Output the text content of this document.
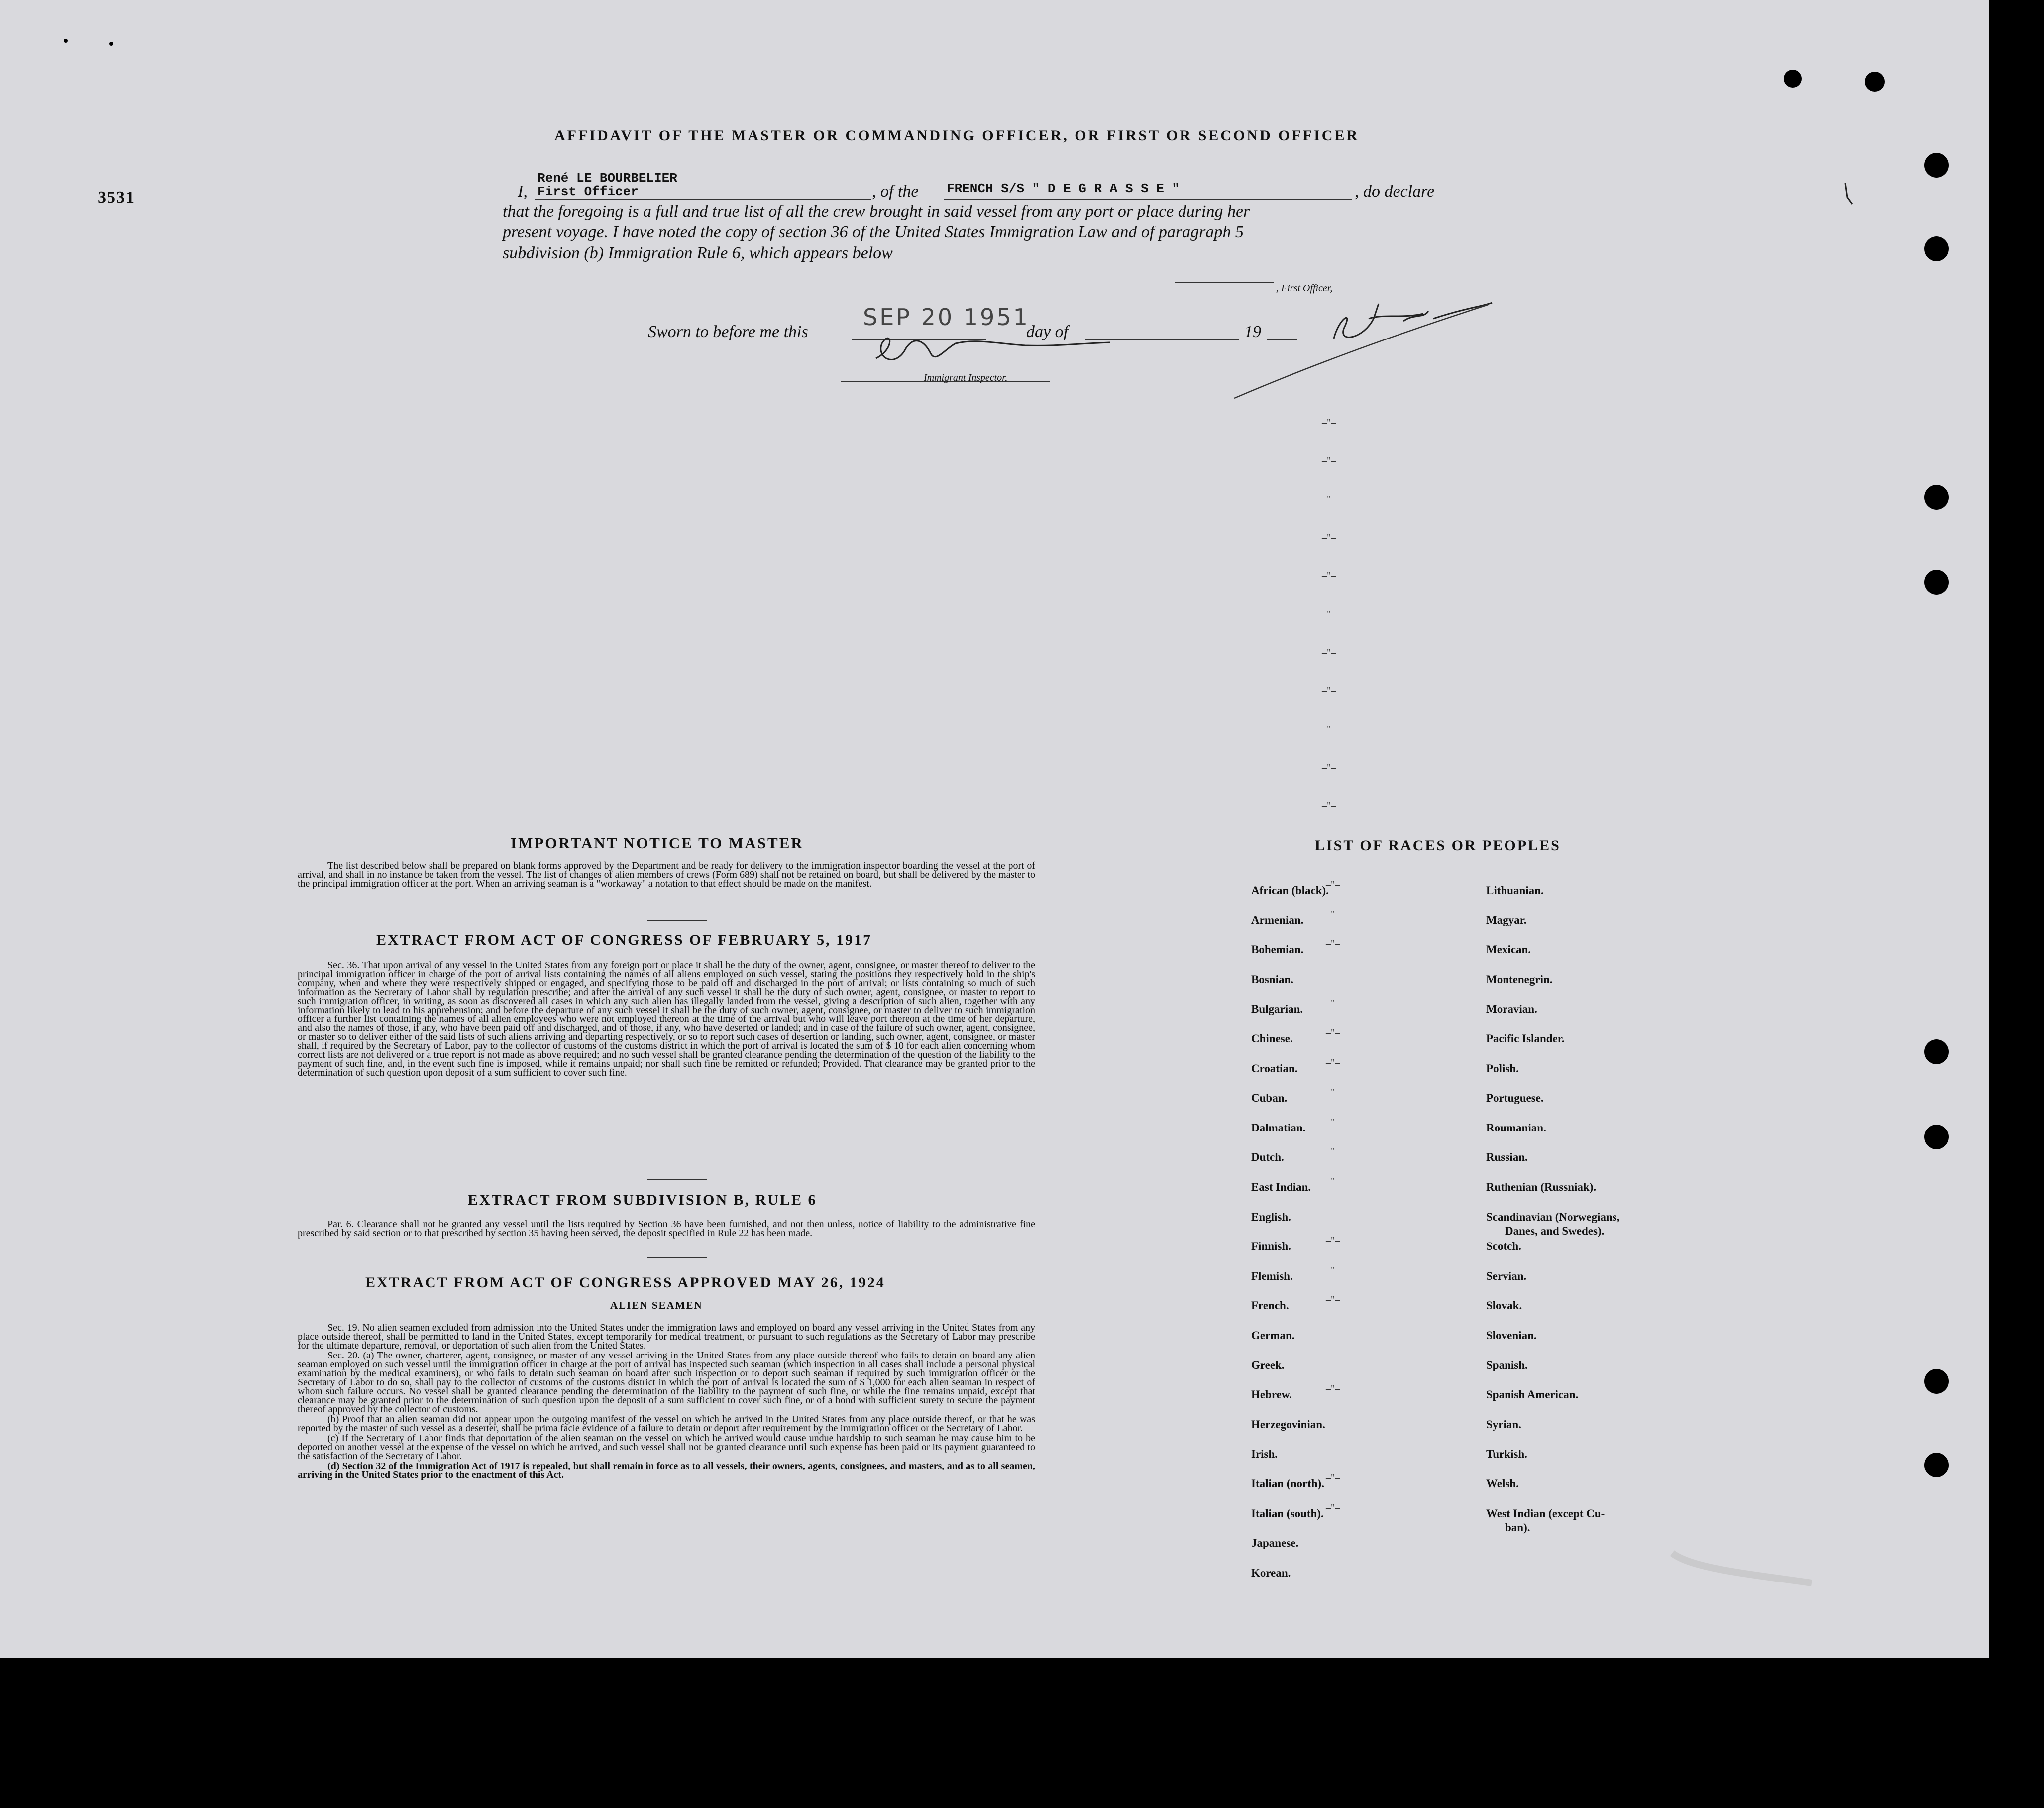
3531
AFFIDAVIT OF THE MASTER OR COMMANDING OFFICER, OR FIRST OR SECOND OFFICER
René LE BOURBELIER
I, First Officer	, of the FRENCH S/S " D E G R A S S E "	, do declare
that the foregoing is a full and true list of all the crew brought in said vessel from any port or place during her
present voyage. I have noted the copy of section 36 of the United States Immigration Law and of paragraph 5
subdivision (b) Immigration Rule 6, which appears below
, First Officer,
Sworn to before me this
SEP 20 1951
day of	19
Immigrant Inspector,
–"–
–"–
–"–
–"–
–"–
–"–
–"–
–"–
–"–
–"–
–"–
IMPORTANT NOTICE TO MASTER

The list described below shall be prepared on blank forms approved by the Department and be ready for delivery to the immigration inspector boarding the vessel at the port of arrival, and shall in no instance be taken from the vessel. The list of changes of alien members of crews (Form 689) shall not be retained on board, but shall be delivered by the master to the principal immigration officer at the port. When an arriving seaman is a "workaway" a notation to that effect should be made on the manifest.

EXTRACT FROM ACT OF CONGRESS OF FEBRUARY 5, 1917

Sec. 36. That upon arrival of any vessel in the United States from any foreign port or place it shall be the duty of the owner, agent, consignee, or master thereof to deliver to the principal immigration officer in charge of the port of arrival lists containing the names of all aliens employed on such vessel, stating the positions they respectively hold in the ship's company, when and where they were respectively shipped or engaged, and specifying those to be paid off and discharged in the port of arrival; or lists containing so much of such information as the Secretary of Labor shall by regulation prescribe; and after the arrival of any such vessel it shall be the duty of such owner, agent, consignee, or master to report to such immigration officer, in writing, as soon as discovered all cases in which any such alien has illegally landed from the vessel, giving a description of such alien, together with any information likely to lead to his apprehension; and before the departure of any such vessel it shall be the duty of such owner, agent, consignee, or master to deliver to such immigration officer a further list containing the names of all alien employees who were not employed thereon at the time of the arrival but who will leave port thereon at the time of her departure, and also the names of those, if any, who have been paid off and discharged, and of those, if any, who have deserted or landed; and in case of the failure of such owner, agent, consignee, or master so to deliver either of the said lists of such aliens arriving and departing respectively, or so to report such cases of desertion or landing, such owner, agent, consignee, or master shall, if required by the Secretary of Labor, pay to the collector of customs of the customs district in which the port of arrival is located the sum of $ 10 for each alien concerning whom correct lists are not delivered or a true report is not made as above required; and no such vessel shall be granted clearance pending the determination of the question of the liability to the payment of such fine, and, in the event such fine is imposed, while it remains unpaid; nor shall such fine be remitted or refunded; Provided. That clearance may be granted prior to the determination of such question upon deposit of a sum sufficient to cover such fine.

EXTRACT FROM SUBDIVISION B, RULE 6

Par. 6. Clearance shall not be granted any vessel until the lists required by Section 36 have been furnished, and not then unless, notice of liability to the administrative fine prescribed by said section or to that prescribed by section 35 having been served, the deposit specified in Rule 22 has been made.

EXTRACT FROM ACT OF CONGRESS APPROVED MAY 26, 1924
ALIEN SEAMEN

Sec. 19. No alien seamen excluded from admission into the United States under the immigration laws and employed on board any vessel arriving in the United States from any place outside thereof, shall be permitted to land in the United States, except temporarily for medical treatment, or pursuant to such regulations as the Secretary of Labor may prescribe for the ultimate departure, removal, or deportation of such alien from the United States.

Sec. 20. (a) The owner, charterer, agent, consignee, or master of any vessel arriving in the United States from any place outside thereof who fails to detain on board any alien seaman employed on such vessel until the immigration officer in charge at the port of arrival has inspected such seaman (which inspection in all cases shall include a personal physical examination by the medical examiners), or who fails to detain such seaman on board after such inspection or to deport such seaman if required by such immigration officer or the Secretary of Labor to do so, shall pay to the collector of customs of the customs district in which the port of arrival is located the sum of $ 1,000 for each alien seaman in respect of whom such failure occurs. No vessel shall be granted clearance pending the determination of the liability to the payment of such fine, or while the fine remains unpaid, except that clearance may be granted prior to the determination of such question upon the deposit of a sum sufficient to cover such fine, or of a bond with sufficient surety to secure the payment thereof approved by the collector of customs.

(b) Proof that an alien seaman did not appear upon the outgoing manifest of the vessel on which he arrived in the United States from any place outside thereof, or that he was reported by the master of such vessel as a deserter, shall be prima facie evidence of a failure to detain or deport after requirement by the immigration officer or the Secretary of Labor.

(c) If the Secretary of Labor finds that deportation of the alien seaman on the vessel on which he arrived would cause undue hardship to such seaman he may cause him to be deported on another vessel at the expense of the vessel on which he arrived, and such vessel shall not be granted clearance until such expense has been paid or its payment guaranteed to the satisfaction of the Secretary of Labor.

(d) Section 32 of the Immigration Act of 1917 is repealed, but shall remain in force as to all vessels, their owners, agents, consignees, and masters, and as to all seamen, arriving in the United States prior to the enactment of this Act.

LIST OF RACES OR PEOPLES
African (black).
Armenian.
Bohemian.
Bosnian.
Bulgarian.
Chinese.
Croatian.
Cuban.
Dalmatian.
Dutch.
East Indian.
English.
Finnish.
Flemish.
French.
German.
Greek.
Hebrew.
Herzegovinian.
Irish.
Italian (north).
Italian (south).
Japanese.
Korean.
Lithuanian.
Magyar.
Mexican.
Montenegrin.
Moravian.
Pacific Islander.
Polish.
Portuguese.
Roumanian.
Russian.
Ruthenian (Russniak).
Scandinavian (Norwegians,
Danes, and Swedes).
Scotch.
Servian.
Slovak.
Slovenian.
Spanish.
Spanish American.
Syrian.
Turkish.
Welsh.
West Indian (except Cu-
ban).
–"–
–"–
–"–
–"–
–"–
–"–
–"–
–"–
–"–
–"–
–"–
–"–
–"–
–"–
–"–
–"–
